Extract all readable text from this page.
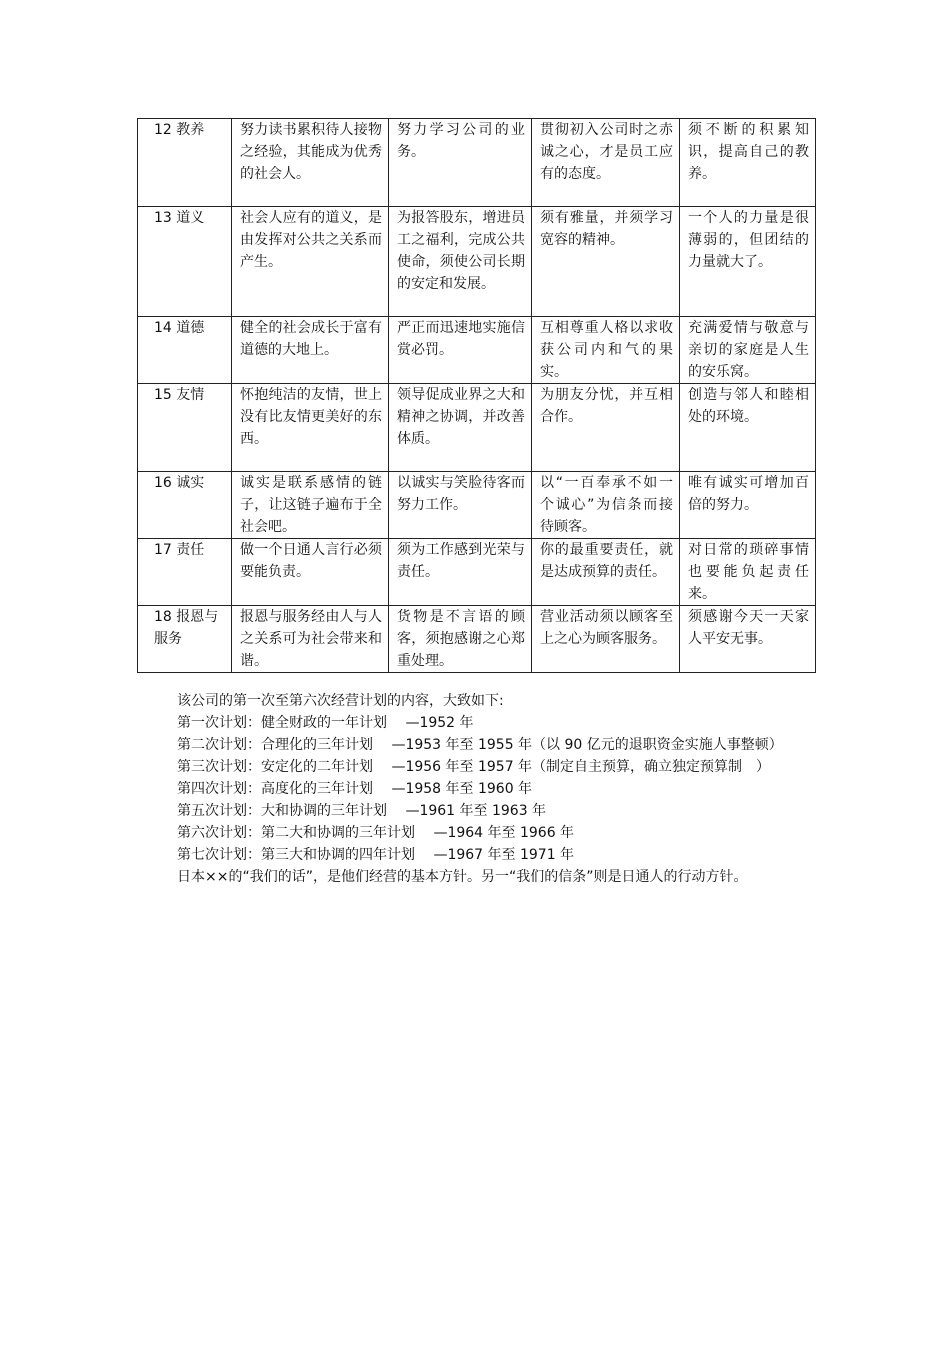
12 教养	努力读书累积待人接物之经验，其能成为优秀的社会人。	努力学习公司的业务。	贯彻初入公司时之赤诚之心，才是员工应有的态度。	须不断的积累知识，提高自己的教养。
13 道义	社会人应有的道义，是由发挥对公共之关系而产生。	为报答股东，增进员工之福利，完成公共使命，须使公司长期的安定和发展。	须有雅量，并须学习宽容的精神。	一个人的力量是很薄弱的，但团结的力量就大了。
14 道德	健全的社会成长于富有道德的大地上。	严正而迅速地实施信赏必罚。	互相尊重人格以求收获公司内和气的果实。	充满爱情与敬意与亲切的家庭是人生的安乐窝。
15 友情	怀抱纯洁的友情，世上没有比友情更美好的东西。	领导促成业界之大和精神之协调，并改善体质。	为朋友分忧，并互相合作。	创造与邻人和睦相处的环境。
16 诚实	诚实是联系感情的链子，让这链子遍布于全社会吧。	以诚实与笑脸待客而努力工作。	以“一百奉承不如一个诚心”为信条而接待顾客。	唯有诚实可增加百倍的努力。
17 责任	做一个日通人言行必须要能负责。	须为工作感到光荣与责任。	你的最重要责任，就是达成预算的责任。	对日常的琐碎事情也要能负起责任来。
18 报恩与服务	报恩与服务经由人与人之关系可为社会带来和谐。	货物是不言语的顾客，须抱感谢之心郑重处理。	营业活动须以顾客至上之心为顾客服务。	须感谢今天一天家人平安无事。

该公司的第一次至第六次经营计划的内容，大致如下:

第一次计划：健全财政的一年计划　 —1952 年

第二次计划：合理化的三年计划　 —1953 年至 1955 年（以 90 亿元的退职资金实施人事整顿）

第三次计划：安定化的二年计划　 —1956 年至 1957 年（制定自主预算，确立独定预算制　）

第四次计划：高度化的三年计划　 —1958 年至 1960 年

第五次计划：大和协调的三年计划　 —1961 年至 1963 年

第六次计划：第二大和协调的三年计划　 —1964 年至 1966 年

第七次计划：第三大和协调的四年计划　 —1967 年至 1971 年

日本××的“我们的话”，是他们经营的基本方针。另一“我们的信条”则是日通人的行动方针。
